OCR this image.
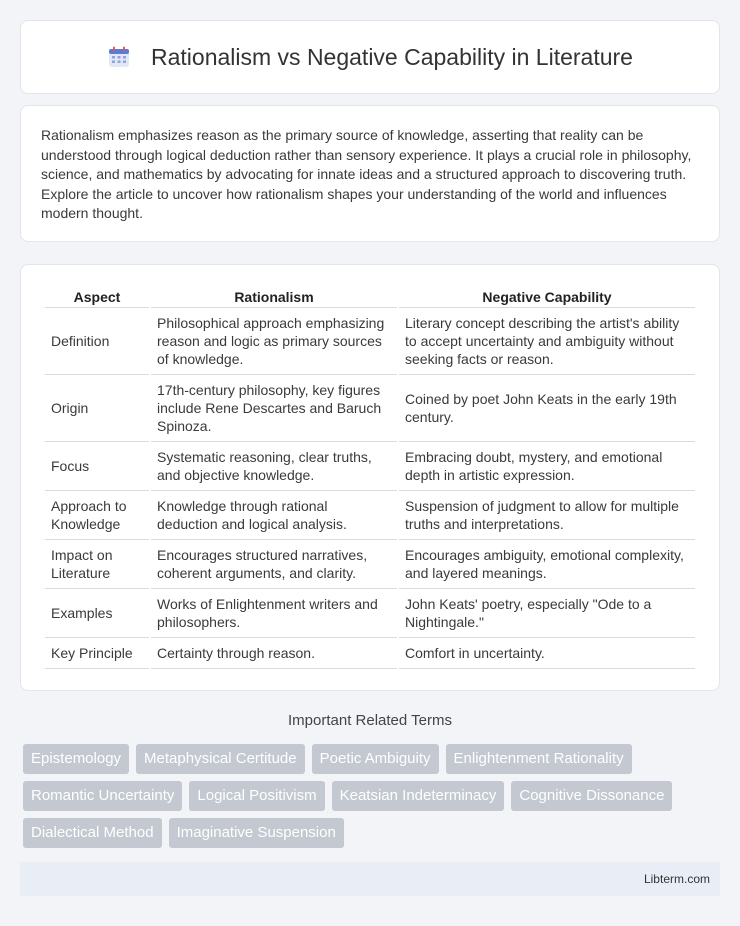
Rationalism vs Negative Capability in Literature

Rationalism emphasizes reason as the primary source of knowledge, asserting that reality can be understood through logical deduction rather than sensory experience. It plays a crucial role in philosophy, science, and mathematics by advocating for innate ideas and a structured approach to discovering truth. Explore the article to uncover how rationalism shapes your understanding of the world and influences modern thought.

Aspect	Rationalism	Negative Capability
Definition	Philosophical approach emphasizing reason and logic as primary sources of knowledge.	Literary concept describing the artist's ability to accept uncertainty and ambiguity without seeking facts or reason.
Origin	17th-century philosophy, key figures include Rene Descartes and Baruch Spinoza.	Coined by poet John Keats in the early 19th century.
Focus	Systematic reasoning, clear truths, and objective knowledge.	Embracing doubt, mystery, and emotional depth in artistic expression.
Approach to Knowledge	Knowledge through rational deduction and logical analysis.	Suspension of judgment to allow for multiple truths and interpretations.
Impact on Literature	Encourages structured narratives, coherent arguments, and clarity.	Encourages ambiguity, emotional complexity, and layered meanings.
Examples	Works of Enlightenment writers and philosophers.	John Keats' poetry, especially "Ode to a Nightingale."
Key Principle	Certainty through reason.	Comfort in uncertainty.
Important Related Terms
Epistemology	Metaphysical Certitude	Poetic Ambiguity	Enlightenment Rationality
Romantic Uncertainty	Logical Positivism	Keatsian Indeterminacy	Cognitive Dissonance
Dialectical Method	Imaginative Suspension
Libterm.com
